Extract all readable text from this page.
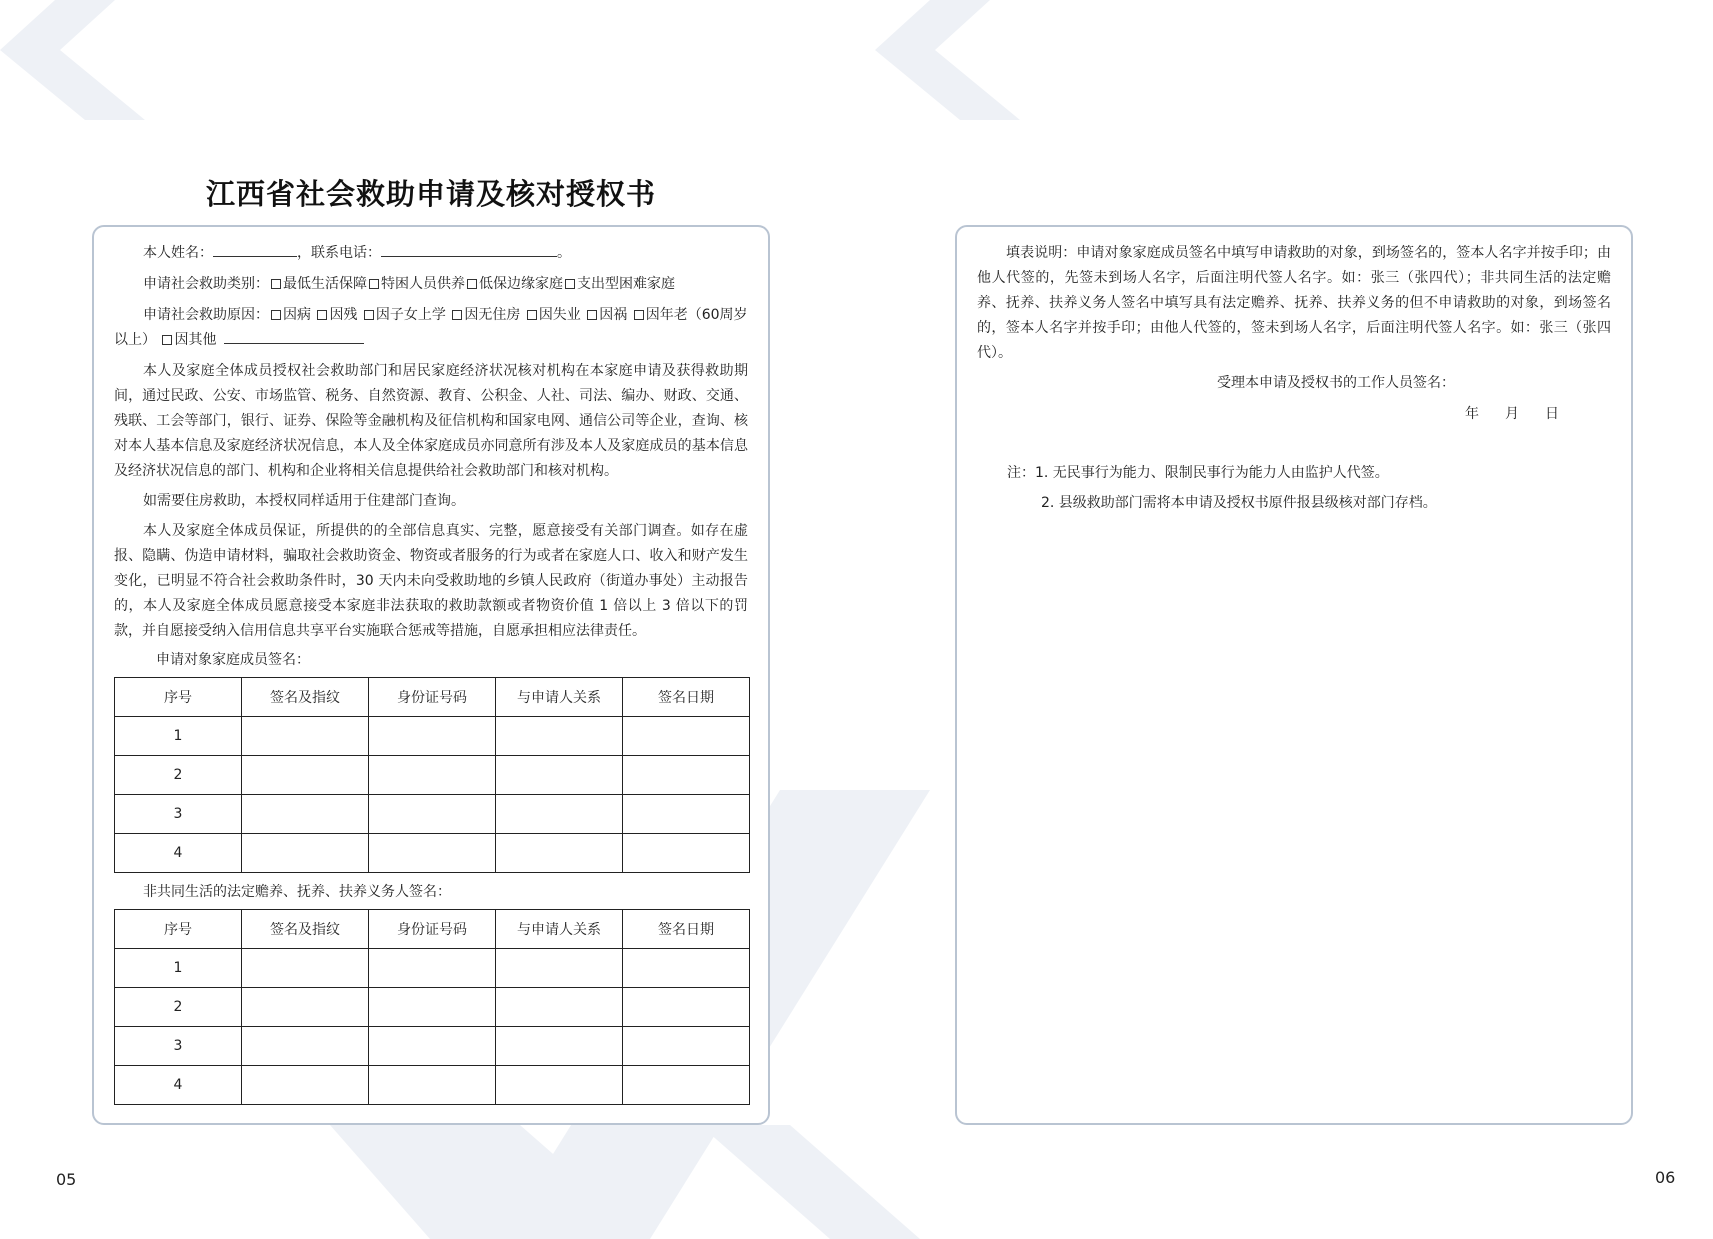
江西省社会救助申请及核对授权书

本人姓名：	，联系电话：	。

申请社会救助类别： 最低生活保障 特困人员供养 低保边缘家庭 支出型困难家庭

申请社会救助原因： 因病 因残 因子女上学 因无住房 因失业 因祸 因年老（60周岁以上） 因其他

本人及家庭全体成员授权社会救助部门和居民家庭经济状况核对机构在本家庭申请及获得救助期间，通过民政、公安、市场监管、税务、自然资源、教育、公积金、人社、司法、编办、财政、交通、残联、工会等部门，银行、证券、保险等金融机构及征信机构和国家电网、通信公司等企业，查询、核对本人基本信息及家庭经济状况信息，本人及全体家庭成员亦同意所有涉及本人及家庭成员的基本信息及经济状况信息的部门、机构和企业将相关信息提供给社会救助部门和核对机构。

如需要住房救助，本授权同样适用于住建部门查询。

本人及家庭全体成员保证，所提供的的全部信息真实、完整，愿意接受有关部门调查。如存在虚报、隐瞒、伪造申请材料，骗取社会救助资金、物资或者服务的行为或者在家庭人口、收入和财产发生变化，已明显不符合社会救助条件时，30 天内未向受救助地的乡镇人民政府（街道办事处）主动报告的，本人及家庭全体成员愿意接受本家庭非法获取的救助款额或者物资价值 1 倍以上 3 倍以下的罚款，并自愿接受纳入信用信息共享平台实施联合惩戒等措施，自愿承担相应法律责任。

申请对象家庭成员签名：

序号	签名及指纹	身份证号码	与申请人关系	签名日期
1				
2				
3				
4				

非共同生活的法定赡养、抚养、扶养义务人签名：

序号	签名及指纹	身份证号码	与申请人关系	签名日期
1				
2				
3				
4				

填表说明：申请对象家庭成员签名中填写申请救助的对象，到场签名的，签本人名字并按手印；由他人代签的，先签未到场人名字，后面注明代签人名字。如：张三（张四代）；非共同生活的法定赡养、抚养、扶养义务人签名中填写具有法定赡养、抚养、扶养义务的但不申请救助的对象，到场签名的，签本人名字并按手印；由他人代签的，签未到场人名字，后面注明代签人名字。如：张三（张四代）。

受理本申请及授权书的工作人员签名：

年 月 日

注：1. 无民事行为能力、限制民事行为能力人由监护人代签。

2. 县级救助部门需将本申请及授权书原件报县级核对部门存档。

05	06
